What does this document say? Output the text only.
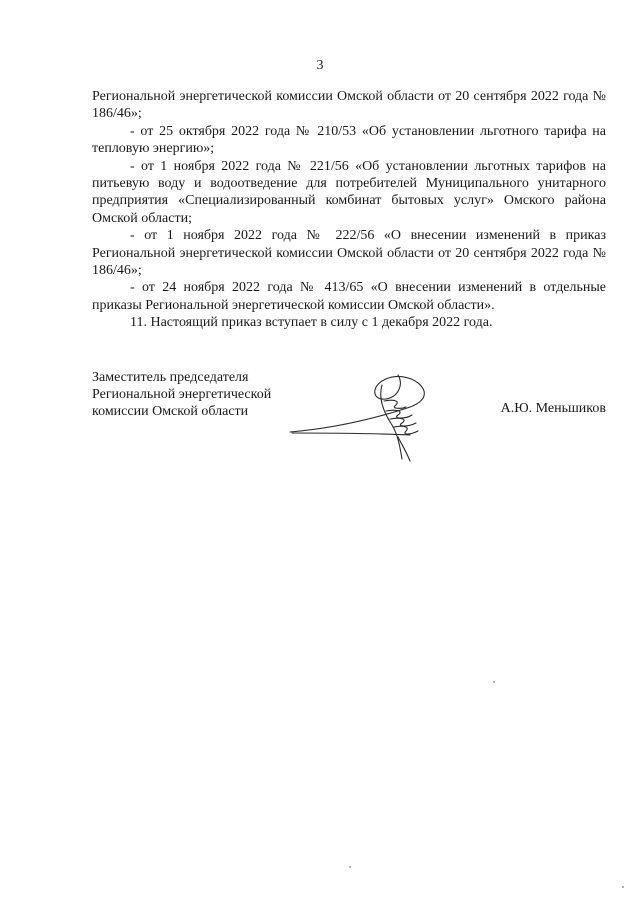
3

Региональной энергетической комиссии Омской области от 20 сентября 2022 года № 186/46»;

- от 25 октября 2022 года № 210/53 «Об установлении льготного тарифа на тепловую энергию»;

- от 1 ноября 2022 года № 221/56 «Об установлении льготных тарифов на питьевую воду и водоотведение для потребителей Муниципального унитарного предприятия «Специализированный комбинат бытовых услуг» Омского района Омской области;

- от 1 ноября 2022 года № 222/56 «О внесении изменений в приказ Региональной энергетической комиссии Омской области от 20 сентября 2022 года № 186/46»;

- от 24 ноября 2022 года № 413/65 «О внесении изменений в отдельные приказы Региональной энергетической комиссии Омской области».

11. Настоящий приказ вступает в силу с 1 декабря 2022 года.

Заместитель председателя
Региональной энергетической
комиссии Омской области	А.Ю. Меньшиков
